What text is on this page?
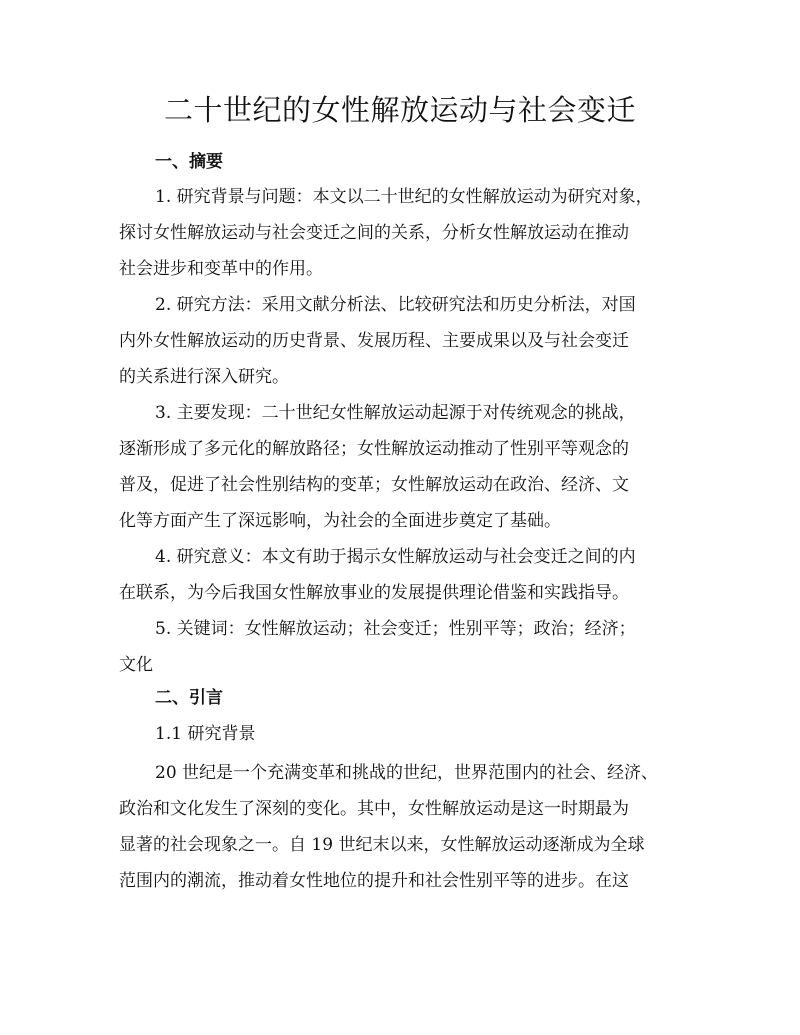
二十世纪的女性解放运动与社会变迁
一、摘要
1. 研究背景与问题：本文以二十世纪的女性解放运动为研究对象，
探讨女性解放运动与社会变迁之间的关系，分析女性解放运动在推动
社会进步和变革中的作用。
2. 研究方法：采用文献分析法、比较研究法和历史分析法，对国
内外女性解放运动的历史背景、发展历程、主要成果以及与社会变迁
的关系进行深入研究。
3. 主要发现：二十世纪女性解放运动起源于对传统观念的挑战，
逐渐形成了多元化的解放路径；女性解放运动推动了性别平等观念的
普及，促进了社会性别结构的变革；女性解放运动在政治、经济、文
化等方面产生了深远影响，为社会的全面进步奠定了基础。
4. 研究意义：本文有助于揭示女性解放运动与社会变迁之间的内
在联系，为今后我国女性解放事业的发展提供理论借鉴和实践指导。
5. 关键词：女性解放运动；社会变迁；性别平等；政治；经济；
文化
二、引言
1.1 研究背景
20 世纪是一个充满变革和挑战的世纪，世界范围内的社会、经济、
政治和文化发生了深刻的变化。其中，女性解放运动是这一时期最为
显著的社会现象之一。自 19 世纪末以来，女性解放运动逐渐成为全球
范围内的潮流，推动着女性地位的提升和社会性别平等的进步。在这
